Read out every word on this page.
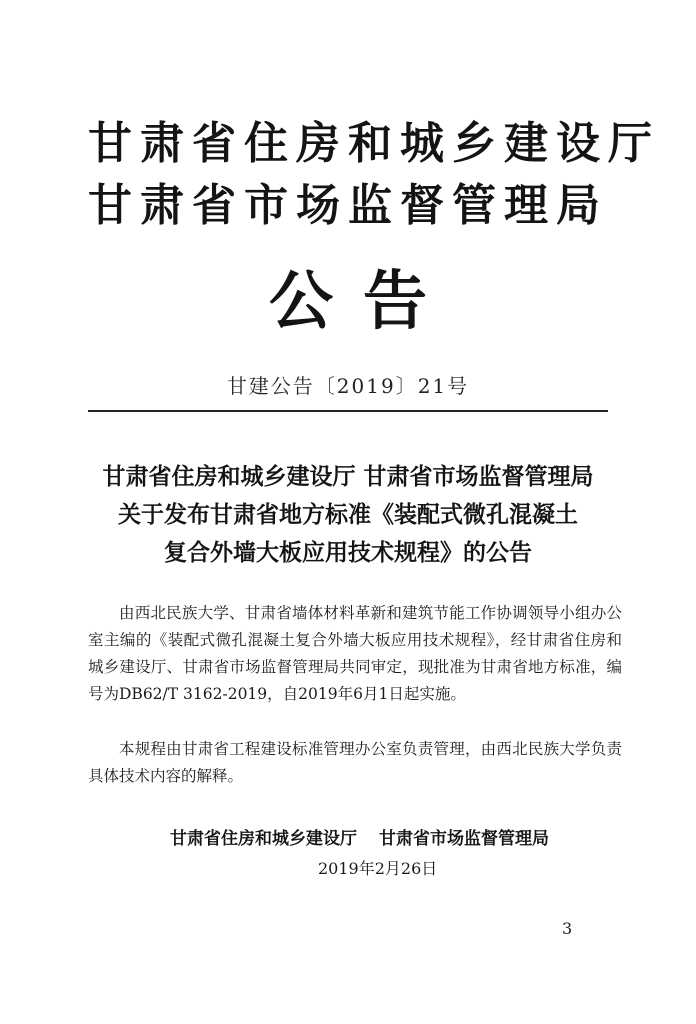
甘肃省住房和城乡建设厅
甘肃省市场监督管理局
公告
甘建公告〔2019〕21号
甘肃省住房和城乡建设厅 甘肃省市场监督管理局
关于发布甘肃省地方标准《装配式微孔混凝土
复合外墙大板应用技术规程》的公告

由西北民族大学、甘肃省墙体材料革新和建筑节能工作协调领导小组办公室主编的《装配式微孔混凝土复合外墙大板应用技术规程》，经甘肃省住房和城乡建设厅、甘肃省市场监督管理局共同审定，现批准为甘肃省地方标准，编号为DB62/T 3162-2019，自2019年6月1日起实施。

本规程由甘肃省工程建设标准管理办公室负责管理，由西北民族大学负责具体技术内容的解释。

甘肃省住房和城乡建设厅 甘肃省市场监督管理局
2019年2月26日
3
